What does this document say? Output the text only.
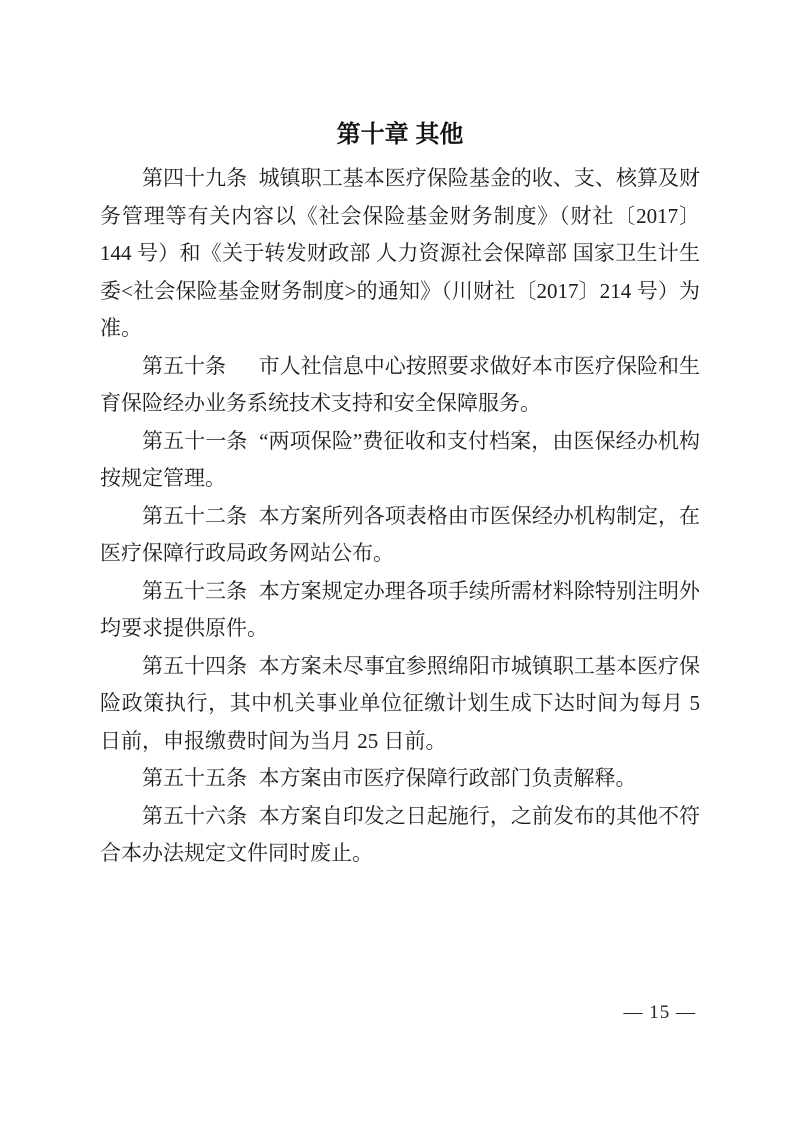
第十章 其他

第四十九条 城镇职工基本医疗保险基金的收、支、核算及财务管理等有关内容以《社会保险基金财务制度》（财社〔2017〕144 号）和《关于转发财政部 人力资源社会保障部 国家卫生计生委<社会保险基金财务制度>的通知》（川财社〔2017〕214 号）为准。

第五十条　市人社信息中心按照要求做好本市医疗保险和生育保险经办业务系统技术支持和安全保障服务。

第五十一条 “两项保险”费征收和支付档案，由医保经办机构按规定管理。

第五十二条 本方案所列各项表格由市医保经办机构制定，在医疗保障行政局政务网站公布。

第五十三条 本方案规定办理各项手续所需材料除特别注明外均要求提供原件。

第五十四条 本方案未尽事宜参照绵阳市城镇职工基本医疗保险政策执行，其中机关事业单位征缴计划生成下达时间为每月 5 日前，申报缴费时间为当月 25 日前。

第五十五条 本方案由市医疗保障行政部门负责解释。

第五十六条 本方案自印发之日起施行，之前发布的其他不符合本办法规定文件同时废止。

— 15 —
